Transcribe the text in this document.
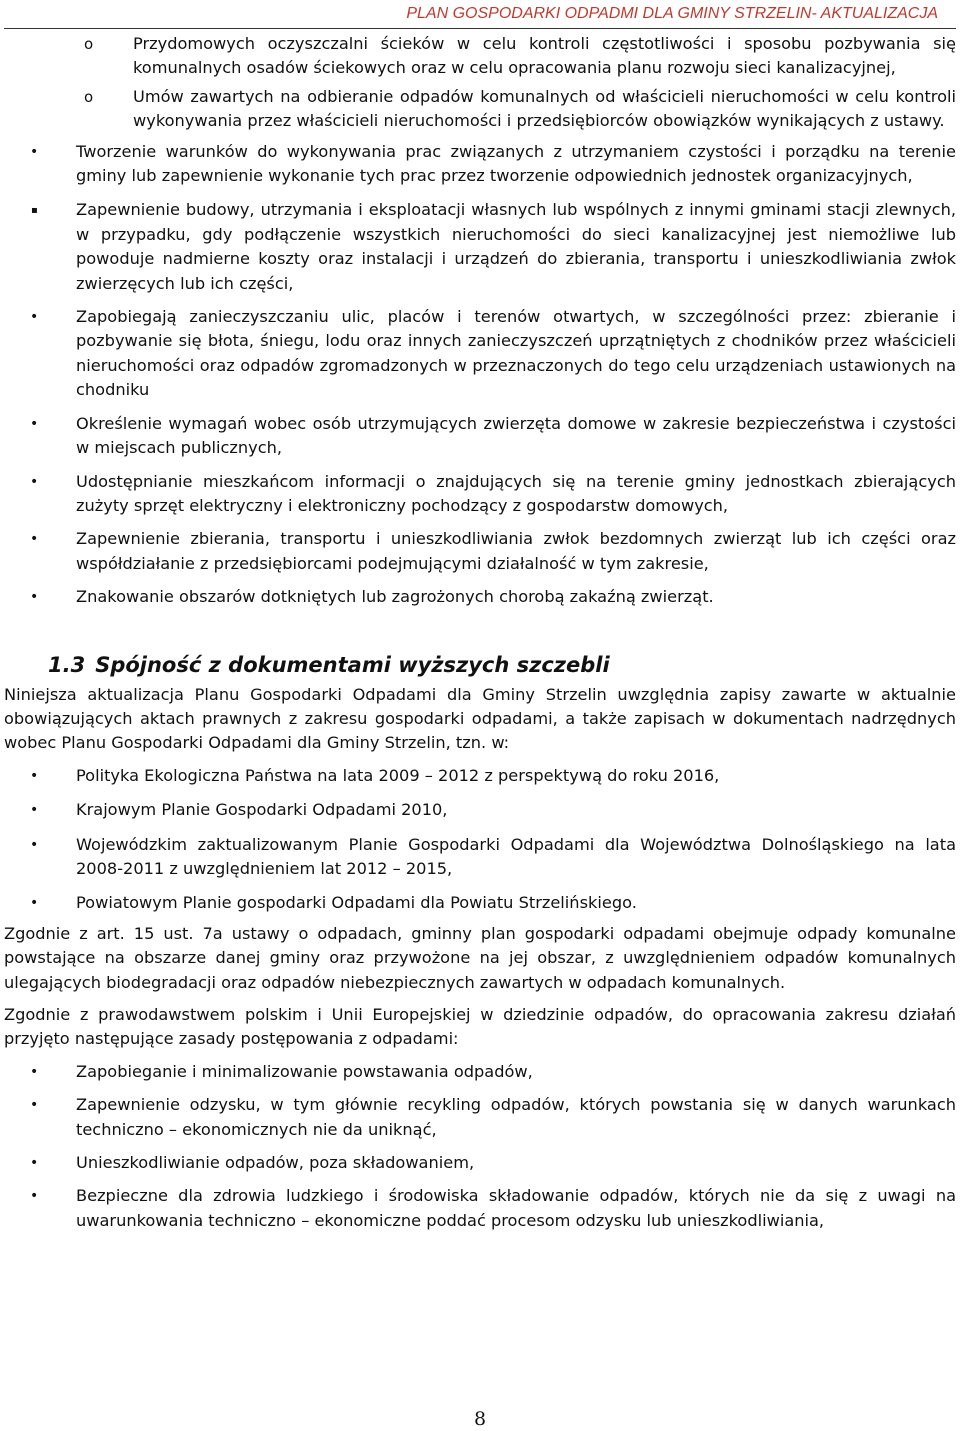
PLAN GOSPODARKI ODPADMI DLA GMINY STRZELIN- AKTUALIZACJA
o Przydomowych oczyszczalni ścieków w celu kontroli częstotliwości i sposobu pozbywania się komunalnych osadów ściekowych oraz w celu opracowania planu rozwoju sieci kanalizacyjnej,
o Umów zawartych na odbieranie odpadów komunalnych od właścicieli nieruchomości w celu kontroli wykonywania przez właścicieli nieruchomości i przedsiębiorców obowiązków wynikających z ustawy.
• Tworzenie warunków do wykonywania prac związanych z utrzymaniem czystości i porządku na terenie gminy lub zapewnienie wykonanie tych prac przez tworzenie odpowiednich jednostek organizacyjnych,
▪ Zapewnienie budowy, utrzymania i eksploatacji własnych lub wspólnych z innymi gminami stacji zlewnych, w przypadku, gdy podłączenie wszystkich nieruchomości do sieci kanalizacyjnej jest niemożliwe lub powoduje nadmierne koszty oraz instalacji i urządzeń do zbierania, transportu i unieszkodliwiania zwłok zwierzęcych lub ich części,
• Zapobiegają zanieczyszczaniu ulic, placów i terenów otwartych, w szczególności przez: zbieranie i pozbywanie się błota, śniegu, lodu oraz innych zanieczyszczeń uprzątniętych z chodników przez właścicieli nieruchomości oraz odpadów zgromadzonych w przeznaczonych do tego celu urządzeniach ustawionych na chodniku
• Określenie wymagań wobec osób utrzymujących zwierzęta domowe w zakresie bezpieczeństwa i czystości w miejscach publicznych,
• Udostępnianie mieszkańcom informacji o znajdujących się na terenie gminy jednostkach zbierających zużyty sprzęt elektryczny i elektroniczny pochodzący z gospodarstw domowych,
• Zapewnienie zbierania, transportu i unieszkodliwiania zwłok bezdomnych zwierząt lub ich części oraz współdziałanie z przedsiębiorcami podejmującymi działalność w tym zakresie,
• Znakowanie obszarów dotkniętych lub zagrożonych chorobą zakaźną zwierząt.
1.3 Spójność z dokumentami wyższych szczebli
Niniejsza aktualizacja Planu Gospodarki Odpadami dla Gminy Strzelin uwzględnia zapisy zawarte w aktualnie obowiązujących aktach prawnych z zakresu gospodarki odpadami, a także zapisach w dokumentach nadrzędnych wobec Planu Gospodarki Odpadami dla Gminy Strzelin, tzn. w:
• Polityka Ekologiczna Państwa na lata 2009 – 2012 z perspektywą do roku 2016,
• Krajowym Planie Gospodarki Odpadami 2010,
• Wojewódzkim zaktualizowanym Planie Gospodarki Odpadami dla Województwa Dolnośląskiego na lata 2008-2011 z uwzględnieniem lat 2012 – 2015,
• Powiatowym Planie gospodarki Odpadami dla Powiatu Strzelińskiego.
Zgodnie z art. 15 ust. 7a ustawy o odpadach, gminny plan gospodarki odpadami obejmuje odpady komunalne powstające na obszarze danej gminy oraz przywożone na jej obszar, z uwzględnieniem odpadów komunalnych ulegających biodegradacji oraz odpadów niebezpiecznych zawartych w odpadach komunalnych.
Zgodnie z prawodawstwem polskim i Unii Europejskiej w dziedzinie odpadów, do opracowania zakresu działań przyjęto następujące zasady postępowania z odpadami:
• Zapobieganie i minimalizowanie powstawania odpadów,
• Zapewnienie odzysku, w tym głównie recykling odpadów, których powstania się w danych warunkach techniczno – ekonomicznych nie da uniknąć,
• Unieszkodliwianie odpadów, poza składowaniem,
• Bezpieczne dla zdrowia ludzkiego i środowiska składowanie odpadów, których nie da się z uwagi na uwarunkowania techniczno – ekonomiczne poddać procesom odzysku lub unieszkodliwiania,
8
